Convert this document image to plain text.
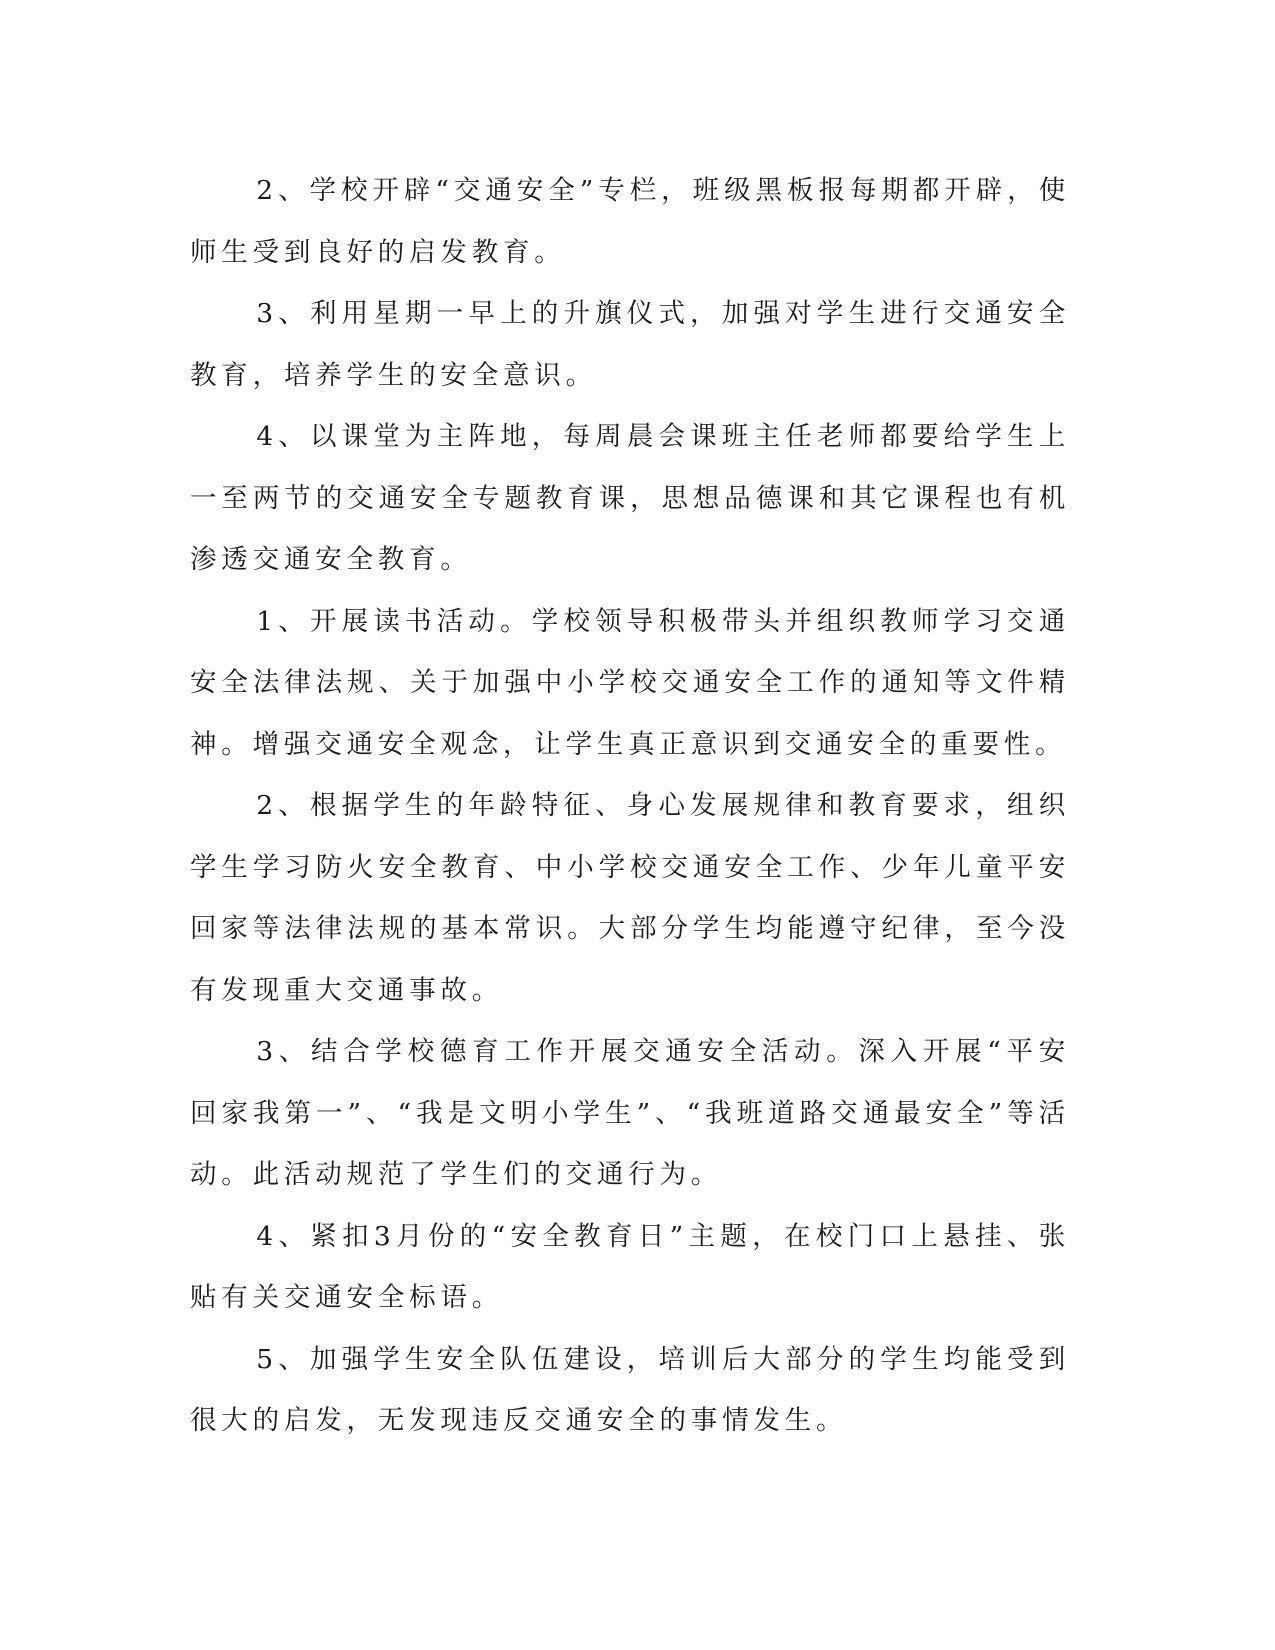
2、学校开辟“交通安全”专栏，班级黑板报每期都开辟，使师生受到良好的启发教育。

3、利用星期一早上的升旗仪式，加强对学生进行交通安全教育，培养学生的安全意识。

4、以课堂为主阵地，每周晨会课班主任老师都要给学生上一至两节的交通安全专题教育课，思想品德课和其它课程也有机渗透交通安全教育。

1、开展读书活动。学校领导积极带头并组织教师学习交通安全法律法规、关于加强中小学校交通安全工作的通知等文件精神。增强交通安全观念，让学生真正意识到交通安全的重要性。

2、根据学生的年龄特征、身心发展规律和教育要求，组织学生学习防火安全教育、中小学校交通安全工作、少年儿童平安回家等法律法规的基本常识。大部分学生均能遵守纪律，至今没有发现重大交通事故。

3、结合学校德育工作开展交通安全活动。深入开展“平安回家我第一”、“我是文明小学生”、“我班道路交通最安全”等活动。此活动规范了学生们的交通行为。

4、紧扣3月份的“安全教育日”主题，在校门口上悬挂、张贴有关交通安全标语。

5、加强学生安全队伍建设，培训后大部分的学生均能受到很大的启发，无发现违反交通安全的事情发生。
